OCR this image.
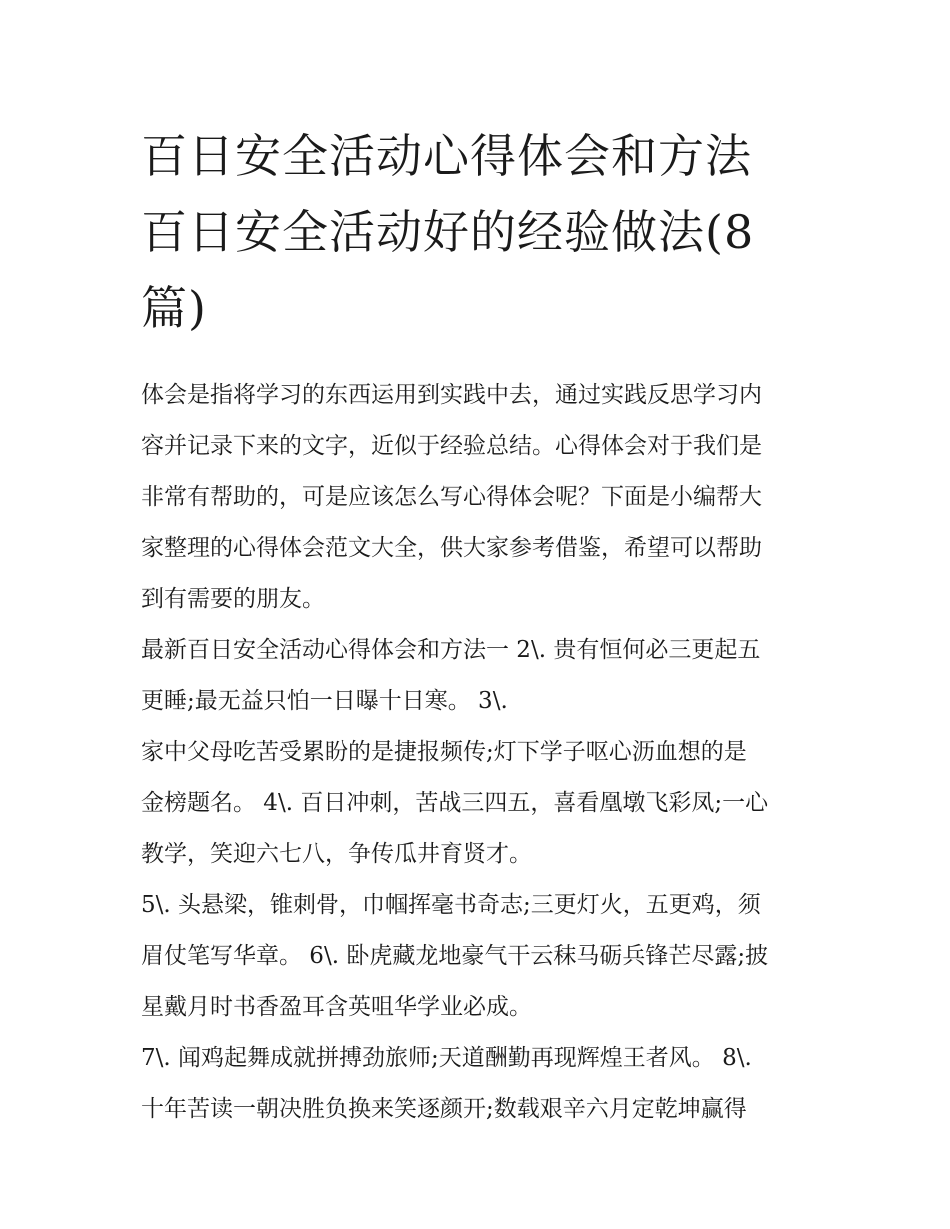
百日安全活动心得体会和方法
百日安全活动好的经验做法(8
篇)

体会是指将学习的东西运用到实践中去，通过实践反思学习内
容并记录下来的文字，近似于经验总结。心得体会对于我们是
非常有帮助的，可是应该怎么写心得体会呢？下面是小编帮大
家整理的心得体会范文大全，供大家参考借鉴，希望可以帮助
到有需要的朋友。

最新百日安全活动心得体会和方法一 2\. 贵有恒何必三更起五
更睡;最无益只怕一日曝十日寒。 3\.

家中父母吃苦受累盼的是捷报频传;灯下学子呕心沥血想的是
金榜题名。 4\. 百日冲刺，苦战三四五，喜看凰墩飞彩凤;一心
教学，笑迎六七八，争传瓜井育贤才。

5\. 头悬梁，锥刺骨，巾帼挥毫书奇志;三更灯火，五更鸡，须
眉仗笔写华章。 6\. 卧虎藏龙地豪气干云秣马砺兵锋芒尽露;披
星戴月时书香盈耳含英咀华学业必成。

7\. 闻鸡起舞成就拼搏劲旅师;天道酬勤再现辉煌王者风。 8\.
十年苦读一朝决胜负换来笑逐颜开;数载艰辛六月定乾坤赢得
